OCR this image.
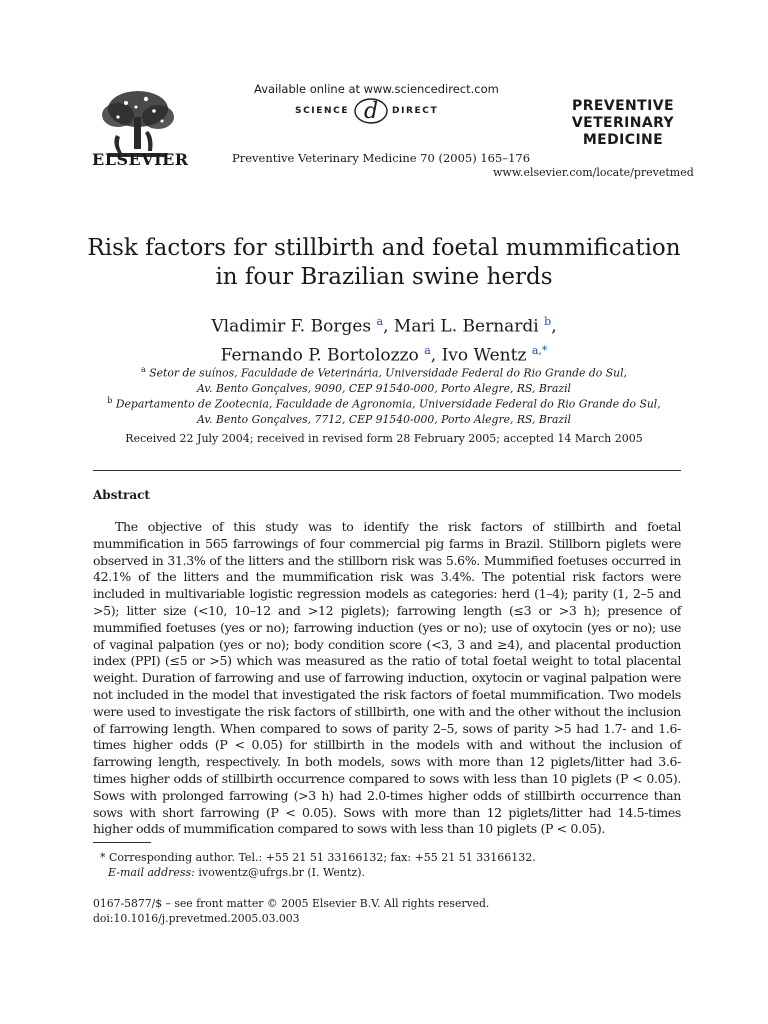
ELSEVIER
Available online at www.sciencedirect.com
SCIENCE d DIRECT
Preventive Veterinary Medicine 70 (2005) 165–176
PREVENTIVE
VETERINARY
MEDICINE
www.elsevier.com/locate/prevetmed
Risk factors for stillbirth and foetal mummification
in four Brazilian swine herds
Vladimir F. Borges $^a$, Mari L. Bernardi $^b$,
Fernando P. Bortolozzo $^a$, Ivo Wentz $^{a,*}$
$^a$ Setor de suínos, Faculdade de Veterinária, Universidade Federal do Rio Grande do Sul,
Av. Bento Gonçalves, 9090, CEP 91540-000, Porto Alegre, RS, Brazil
$^b$ Departamento de Zootecnia, Faculdade de Agronomia, Universidade Federal do Rio Grande do Sul,
Av. Bento Gonçalves, 7712, CEP 91540-000, Porto Alegre, RS, Brazil
Received 22 July 2004; received in revised form 28 February 2005; accepted 14 March 2005
Abstract
The objective of this study was to identify the risk factors of stillbirth and foetal mummification in 565 farrowings of four commercial pig farms in Brazil. Stillborn piglets were observed in 31.3% of the litters and the stillborn risk was 5.6%. Mummified foetuses occurred in 42.1% of the litters and the mummification risk was 3.4%. The potential risk factors were included in multivariable logistic regression models as categories: herd (1–4); parity (1, 2–5 and >5); litter size (<10, 10–12 and >12 piglets); farrowing length (≤3 or >3 h); presence of mummified foetuses (yes or no); farrowing induction (yes or no); use of oxytocin (yes or no); use of vaginal palpation (yes or no); body condition score (<3, 3 and ≥4), and placental production index (PPI) (≤5 or >5) which was measured as the ratio of total foetal weight to total placental weight. Duration of farrowing and use of farrowing induction, oxytocin or vaginal palpation were not included in the model that investigated the risk factors of foetal mummification. Two models were used to investigate the risk factors of stillbirth, one with and the other without the inclusion of farrowing length. When compared to sows of parity 2–5, sows of parity >5 had 1.7- and 1.6-times higher odds (P < 0.05) for stillbirth in the models with and without the inclusion of farrowing length, respectively. In both models, sows with more than 12 piglets/litter had 3.6-times higher odds of stillbirth occurrence compared to sows with less than 10 piglets (P < 0.05). Sows with prolonged farrowing (>3 h) had 2.0-times higher odds of stillbirth occurrence than sows with short farrowing (P < 0.05). Sows with more than 12 piglets/litter had 14.5-times higher odds of mummification compared to sows with less than 10 piglets (P < 0.05).
* Corresponding author. Tel.: +55 21 51 33166132; fax: +55 21 51 33166132.
E-mail address: ivowentz@ufrgs.br (I. Wentz).
0167-5877/$ – see front matter © 2005 Elsevier B.V. All rights reserved.
doi:10.1016/j.prevetmed.2005.03.003
